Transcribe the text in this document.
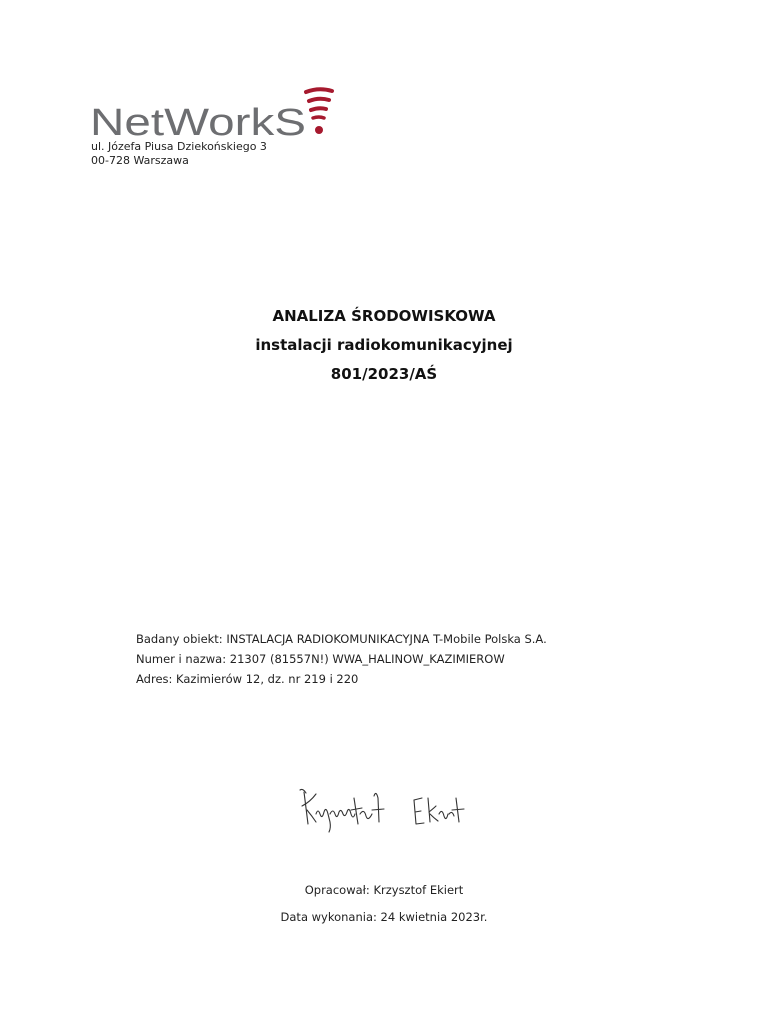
NetWorkS
ul. Józefa Piusa Dziekońskiego 3
00-728 Warszawa
ANALIZA ŚRODOWISKOWA
instalacji radiokomunikacyjnej
801/2023/AŚ
Badany obiekt: INSTALACJA RADIOKOMUNIKACYJNA T-Mobile Polska S.A.
Numer i nazwa: 21307 (81557N!) WWA_HALINOW_KAZIMIEROW
Adres: Kazimierów 12, dz. nr 219 i 220
Opracował: Krzysztof Ekiert
Data wykonania: 24 kwietnia 2023r.
